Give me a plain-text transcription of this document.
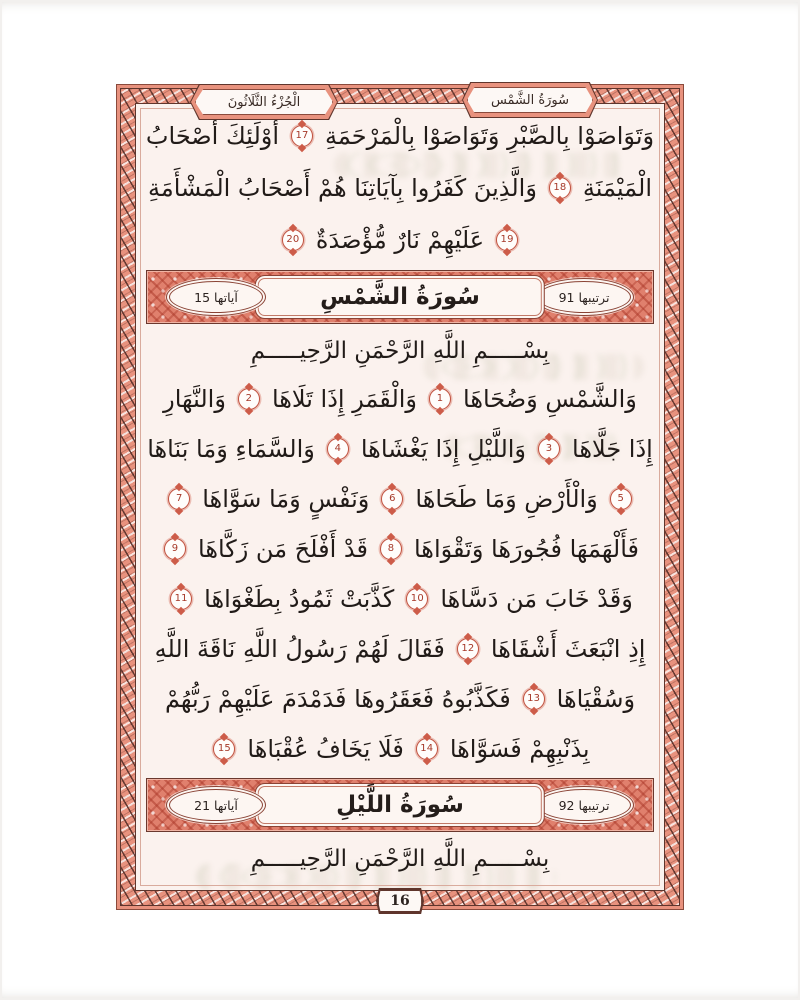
وَتَوَاصَوْا بِالصَّبْرِ وَتَوَاصَوْا بِالْمَرْحَمَةِ
17
أُوْلَئِكَ أَصْحَابُ
الْمَيْمَنَةِ
18
وَالَّذِينَ كَفَرُوا بِآيَاتِنَا هُمْ أَصْحَابُ الْمَشْأَمَةِ
19
عَلَيْهِمْ نَارٌ مُّؤْصَدَةٌ
20
ترتيبها
91
سُورَةُ الشَّمْسِ
آياتها
15
بِسْـــــمِ اللَّهِ الرَّحْمَنِ الرَّحِيـــــمِ
وَالشَّمْسِ وَضُحَاهَا
1
وَالْقَمَرِ إِذَا تَلَاهَا
2
وَالنَّهَارِ
إِذَا جَلَّاهَا
3
وَاللَّيْلِ إِذَا يَغْشَاهَا
4
وَالسَّمَاءِ وَمَا بَنَاهَا
5
وَالْأَرْضِ وَمَا طَحَاهَا
6
وَنَفْسٍ وَمَا سَوَّاهَا
7
فَأَلْهَمَهَا فُجُورَهَا وَتَقْوَاهَا
8
قَدْ أَفْلَحَ مَن زَكَّاهَا
9
وَقَدْ خَابَ مَن دَسَّاهَا
10
كَذَّبَتْ ثَمُودُ بِطَغْوَاهَا
11
إِذِ انْبَعَثَ أَشْقَاهَا
12
فَقَالَ لَهُمْ رَسُولُ اللَّهِ نَاقَةَ اللَّهِ
وَسُقْيَاهَا
13
فَكَذَّبُوهُ فَعَقَرُوهَا فَدَمْدَمَ عَلَيْهِمْ رَبُّهُمْ
بِذَنْبِهِمْ فَسَوَّاهَا
14
فَلَا يَخَافُ عُقْبَاهَا
15
ترتيبها
92
سُورَةُ اللَّيْلِ
آياتها
21
بِسْـــــمِ اللَّهِ الرَّحْمَنِ الرَّحِيـــــمِ
الْجُزْءُ الثَّلَاثُونَ	سُورَةُ الشَّمْس
16
